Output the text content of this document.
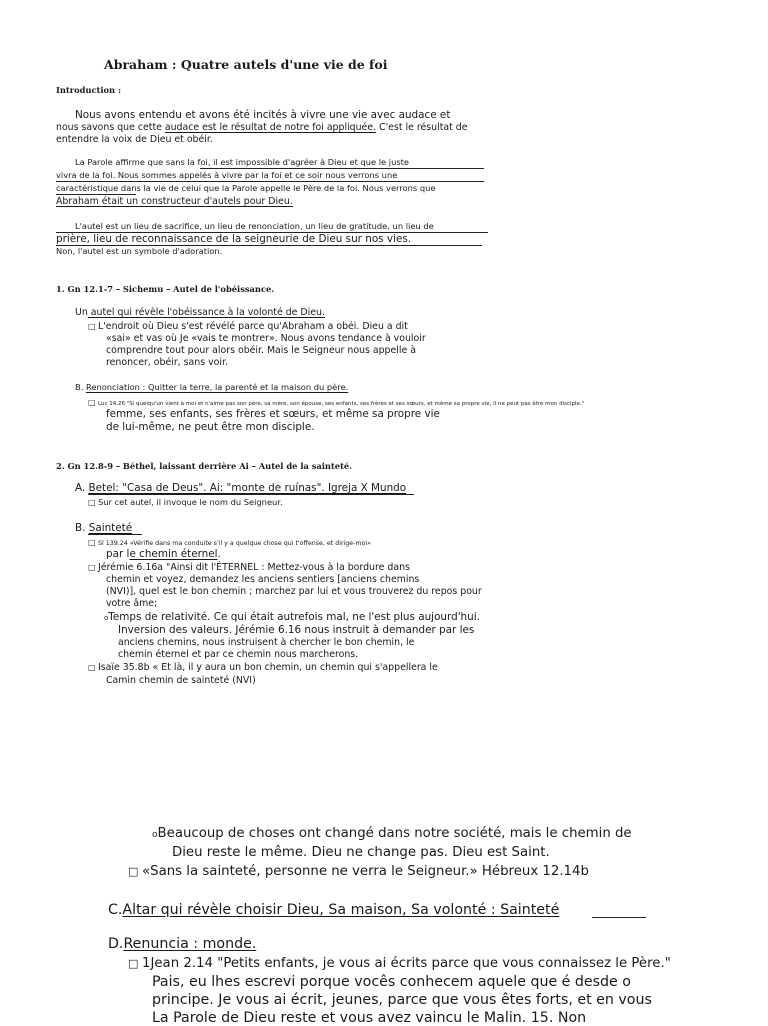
Abraham : Quatre autels d'une vie de foi
Introduction :
Nous avons entendu et avons été incités à vivre une vie avec audace et
nous savons que cette audace est le résultat de notre foi appliquée. C'est le résultat de
entendre la voix de Dieu et obéir.
La Parole affirme que sans la foi, il est impossible d'agréer à Dieu et que le juste
vivra de la foi. Nous sommes appelés à vivre par la foi et ce soir nous verrons une
caractéristique dans la vie de celui que la Parole appelle le Père de la foi. Nous verrons que
Abraham était un constructeur d'autels pour Dieu.
L'autel est un lieu de sacrifice, un lieu de renonciation, un lieu de gratitude, un lieu de
prière, lieu de reconnaissance de la seigneurie de Dieu sur nos vies.
Non, l'autel est un symbole d'adoration.
1. Gn 12.1-7 – Sichemu – Autel de l'obéissance.
Un autel qui révèle l'obéissance à la volonté de Dieu.
□ L'endroit où Dieu s'est révélé parce qu'Abraham a obéi. Dieu a dit
«sai» et vas où Je «vais te montrer». Nous avons tendance à vouloir
comprendre tout pour alors obéir. Mais le Seigneur nous appelle à
renoncer, obéir, sans voir.
B. Renonciation : Quitter la terre, la parenté et la maison du père.
□ Luc 14.26 "Si quelqu'un vient à moi et n'aime pas son père, sa mère, son épouse, ses enfants, ses frères et ses sœurs, et même sa propre vie, il ne peut pas être mon disciple."
femme, ses enfants, ses frères et sœurs, et même sa propre vie
de lui-même, ne peut être mon disciple.
2. Gn 12.8-9 – Béthel, laissant derrière Ai – Autel de la sainteté.
A. Betel: "Casa de Deus". Ai: "monte de ruínas". Igreja X Mundo
□ Sur cet autel, il invoque le nom du Seigneur.
B. Sainteté
□ Sl 139.24 «Vérifie dans ma conduite s'il y a quelque chose qui t'offense, et dirige-moi»
par le chemin éternel.
□ Jérémie 6.16a "Ainsi dit l'ÉTERNEL : Mettez-vous à la bordure dans
chemin et voyez, demandez les anciens sentiers [anciens chemins
(NVI)], quel est le bon chemin ; marchez par lui et vous trouverez du repos pour
votre âme;
oTemps de relativité. Ce qui était autrefois mal, ne l'est plus aujourd'hui.
Inversion des valeurs. Jérémie 6.16 nous instruit à demander par les
anciens chemins, nous instruisent à chercher le bon chemin, le
chemin éternel et par ce chemin nous marcherons.
□ Isaïe 35.8b « Et là, il y aura un bon chemin, un chemin qui s'appellera le
Camin chemin de sainteté (NVI)
oBeaucoup de choses ont changé dans notre société, mais le chemin de
Dieu reste le même. Dieu ne change pas. Dieu est Saint.
□ «Sans la sainteté, personne ne verra le Seigneur.» Hébreux 12.14b
C.Altar qui révèle choisir Dieu, Sa maison, Sa volonté : Sainteté
D.Renuncia : monde.
□ 1Jean 2.14 "Petits enfants, je vous ai écrits parce que vous connaissez le Père."
Pais, eu lhes escrevi porque vocês conhecem aquele que é desde o
principe. Je vous ai écrit, jeunes, parce que vous êtes forts, et en vous
La Parole de Dieu reste et vous avez vaincu le Malin. 15. Non
